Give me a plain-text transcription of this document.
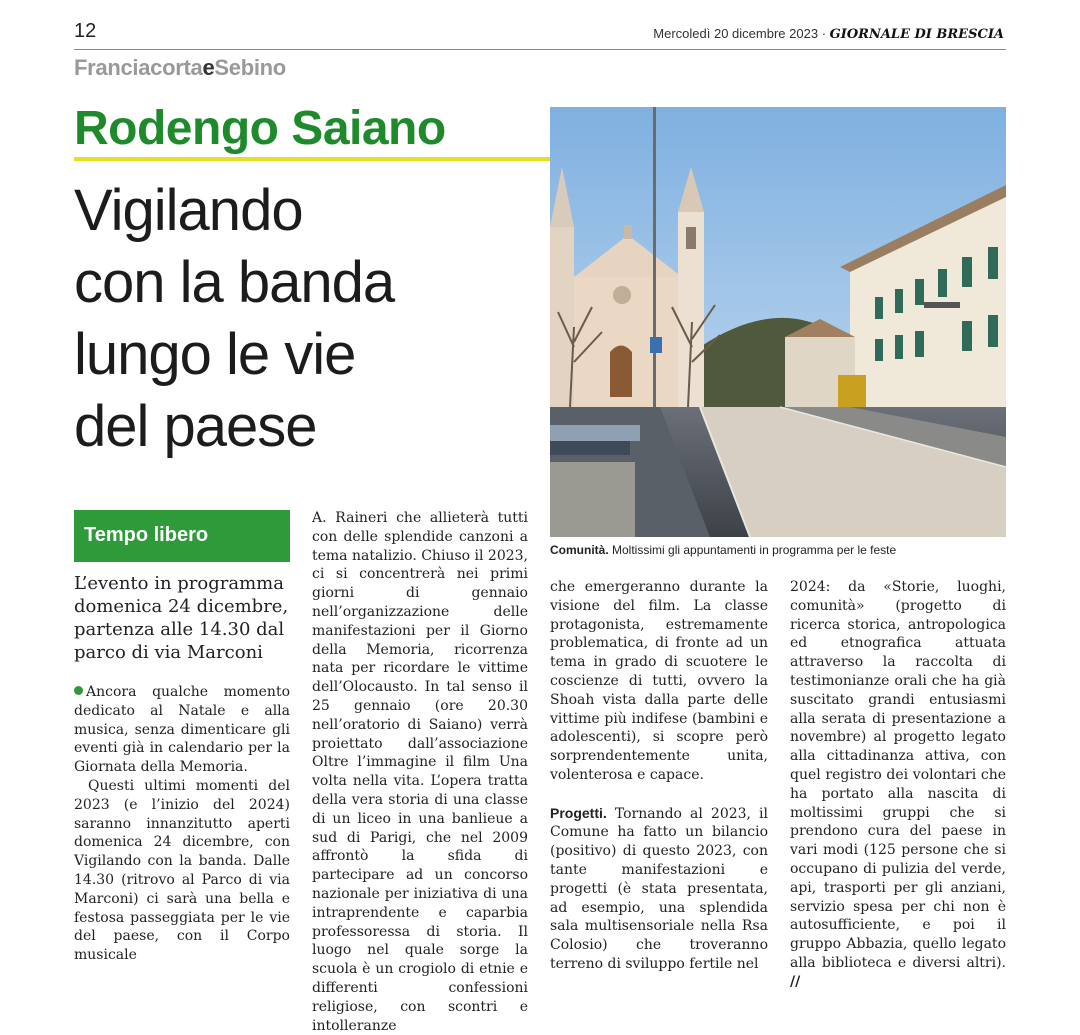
12	Mercoledì 20 dicembre 2023 · GIORNALE DI BRESCIA
FranciacortaeSebino
Rodengo Saiano
Vigilando
con la banda
lungo le vie
del paese
Comunità. Moltissimi gli appuntamenti in programma per le feste
Tempo libero
L’evento in programma domenica 24 dicembre, partenza alle 14.30 dal parco di via Marconi

Ancora qualche momento dedicato al Natale e alla musica, senza dimenticare gli eventi già in calendario per la Giornata della Memoria.

Questi ultimi momenti del 2023 (e l’inizio del 2024) saranno innanzitutto aperti domenica 24 dicembre, con Vigilando con la banda. Dalle 14.30 (ritrovo al Parco di via Marconi) ci sarà una bella e festosa passeggiata per le vie del paese, con il Corpo musicale

A. Raineri che allieterà tutti con delle splendide canzoni a tema natalizio. Chiuso il 2023, ci si concentrerà nei primi giorni di gennaio nell’organizzazione delle manifestazioni per il Giorno della Memoria, ricorrenza nata per ricordare le vittime dell’Olocausto. In tal senso il 25 gennaio (ore 20.30 nell’oratorio di Saiano) verrà proiettato dall’associazione Oltre l’immagine il film Una volta nella vita. L’opera tratta della vera storia di una classe di un liceo in una banlieue a sud di Parigi, che nel 2009 affrontò la sfida di partecipare ad un concorso nazionale per iniziativa di una intraprendente e caparbia professoressa di storia. Il luogo nel quale sorge la scuola è un crogiolo di etnie e differenti confessioni religiose, con scontri e intolleranze

che emergeranno durante la visione del film. La classe protagonista, estremamente problematica, di fronte ad un tema in grado di scuotere le coscienze di tutti, ovvero la Shoah vista dalla parte delle vittime più indifese (bambini e adolescenti), si scopre però sorprendentemente unita, volenterosa e capace.

Progetti. Tornando al 2023, il Comune ha fatto un bilancio (positivo) di questo 2023, con tante manifestazioni e progetti (è stata presentata, ad esempio, una splendida sala multisensoriale nella Rsa Colosio) che troveranno terreno di sviluppo fertile nel

2024: da «Storie, luoghi, comunità» (progetto di ricerca storica, antropologica ed etnografica attuata attraverso la raccolta di testimonianze orali che ha già suscitato grandi entusiasmi alla serata di presentazione a novembre) al progetto legato alla cittadinanza attiva, con quel registro dei volontari che ha portato alla nascita di moltissimi gruppi che si prendono cura del paese in vari modi (125 persone che si occupano di pulizia del verde, api, trasporti per gli anziani, servizio spesa per chi non è autosufficiente, e poi il gruppo Abbazia, quello legato alla biblioteca e diversi altri). //
